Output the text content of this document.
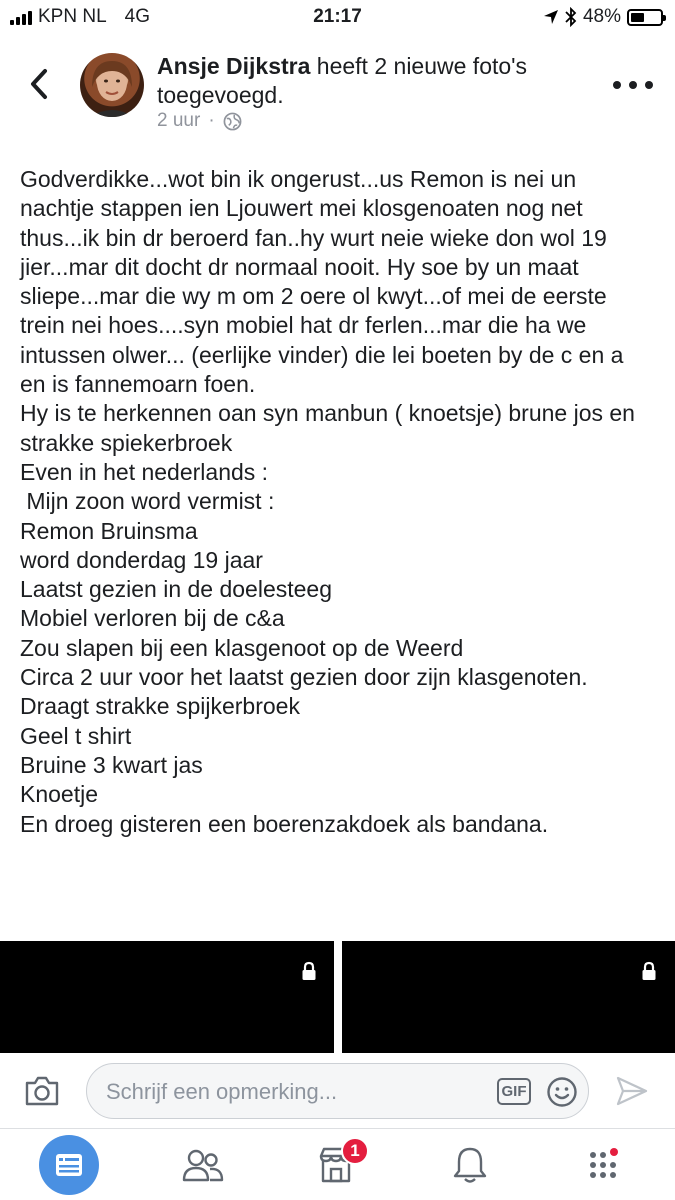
KPN NL 4G	21:17	48%
Ansje Dijkstra heeft 2 nieuwe foto's toegevoegd.
2 uur ·

Godverdikke...wot bin ik ongerust...us Remon is nei un

nachtje stappen ien Ljouwert mei klosgenoaten nog net

thus...ik bin dr beroerd fan..hy wurt neie wieke don wol 19

jier...mar dit docht dr normaal nooit. Hy soe by un maat

sliepe...mar die wy m om 2 oere ol kwyt...of mei de eerste

trein nei hoes....syn mobiel hat dr ferlen...mar die ha we

intussen olwer... (eerlijke vinder) die lei boeten by de c en a

en is fannemoarn foen.

Hy is te herkennen oan syn manbun ( knoetsje) brune jos en

strakke spiekerbroek

Even in het nederlands :

Mijn zoon word vermist :

Remon Bruinsma

word donderdag 19 jaar

Laatst gezien in de doelesteeg

Mobiel verloren bij de c&a

Zou slapen bij een klasgenoot op de Weerd

Circa 2 uur voor het laatst gezien door zijn klasgenoten.

Draagt strakke spijkerbroek

Geel t shirt

Bruine 3 kwart jas

Knoetje

En droeg gisteren een boerenzakdoek als bandana.

Schrijf een opmerking...	GIF
1
